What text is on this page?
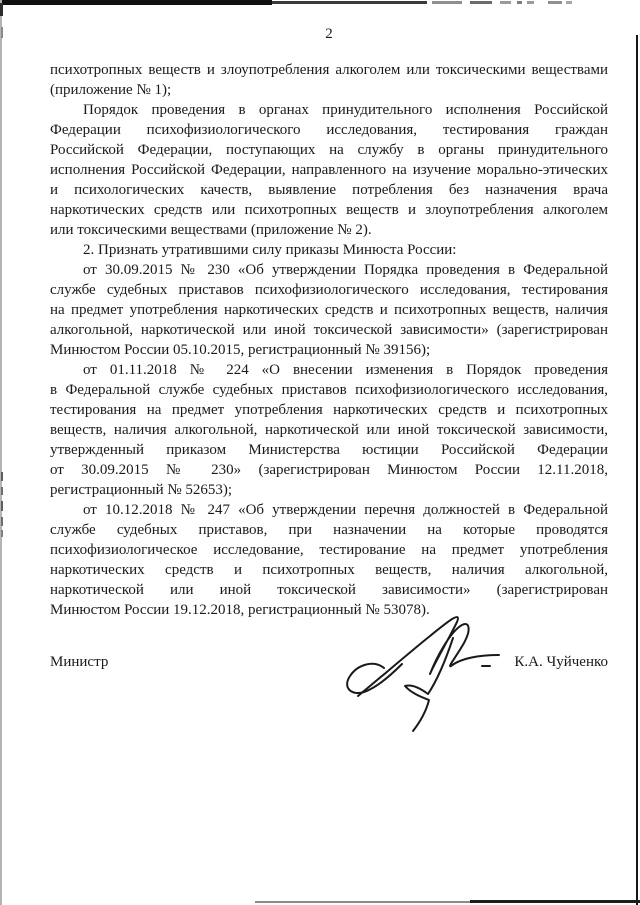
2
психотропных веществ и злоупотребления алкоголем или токсическими веществами
(приложение № 1);
Порядок проведения в органах принудительного исполнения Российской
Федерации психофизиологического исследования, тестирования граждан
Российской Федерации, поступающих на службу в органы принудительного
исполнения Российской Федерации, направленного на изучение морально-этических
и психологических качеств, выявление потребления без назначения врача
наркотических средств или психотропных веществ и злоупотребления алкоголем
или токсическими веществами (приложение № 2).
2. Признать утратившими силу приказы Минюста России:
от 30.09.2015 № 230 «Об утверждении Порядка проведения в Федеральной
службе судебных приставов психофизиологического исследования, тестирования
на предмет употребления наркотических средств и психотропных веществ, наличия
алкогольной, наркотической или иной токсической зависимости» (зарегистрирован
Минюстом России 05.10.2015, регистрационный № 39156);
от 01.11.2018 № 224 «О внесении изменения в Порядок проведения
в Федеральной службе судебных приставов психофизиологического исследования,
тестирования на предмет употребления наркотических средств и психотропных
веществ, наличия алкогольной, наркотической или иной токсической зависимости,
утвержденный приказом Министерства юстиции Российской Федерации
от 30.09.2015 № 230» (зарегистрирован Минюстом России 12.11.2018,
регистрационный № 52653);
от 10.12.2018 № 247 «Об утверждении перечня должностей в Федеральной
службе судебных приставов, при назначении на которые проводятся
психофизиологическое исследование, тестирование на предмет употребления
наркотических средств и психотропных веществ, наличия алкогольной,
наркотической или иной токсической зависимости» (зарегистрирован
Минюстом России 19.12.2018, регистрационный № 53078).
Министр	К.А. Чуйченко
